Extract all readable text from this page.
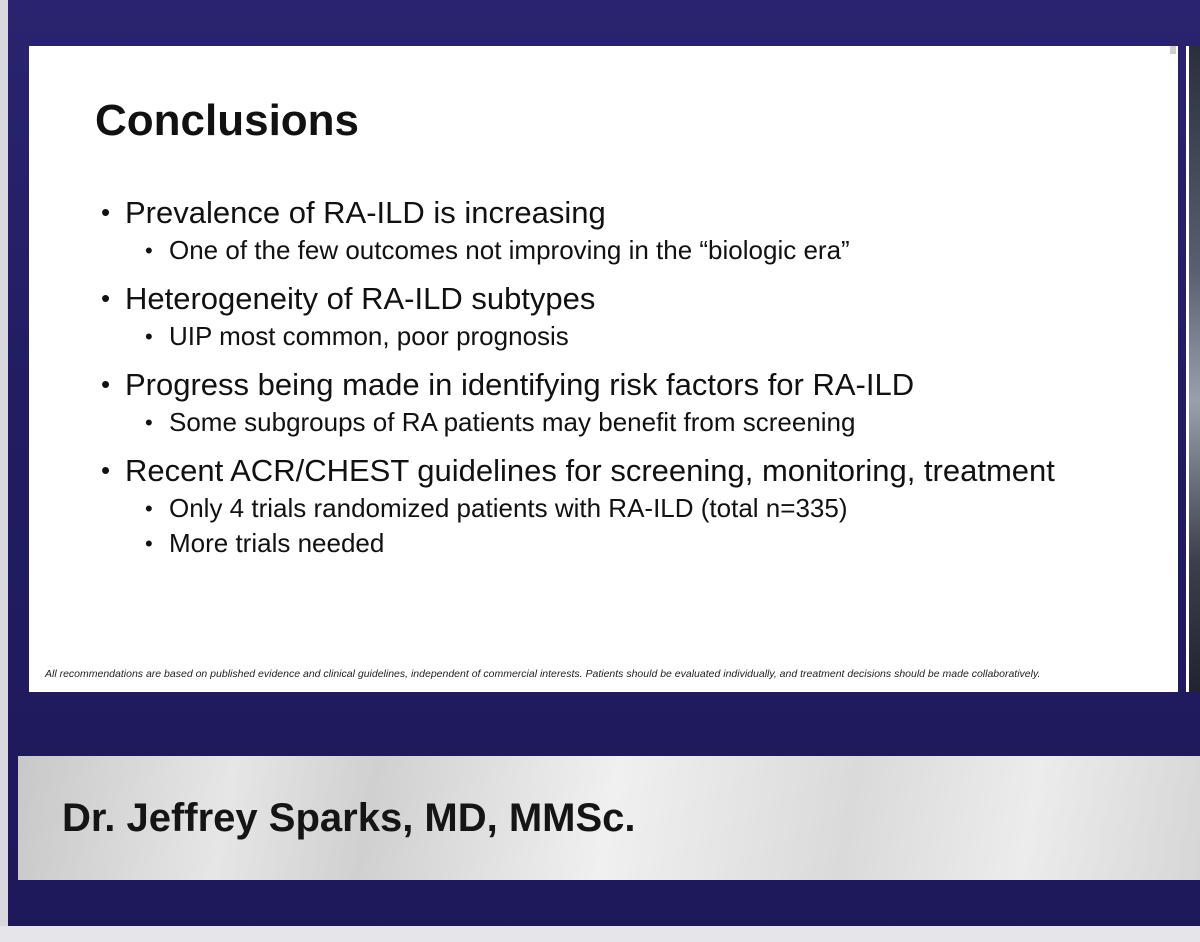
Conclusions
• Prevalence of RA-ILD is increasing
• One of the few outcomes not improving in the “biologic era”
• Heterogeneity of RA-ILD subtypes
• UIP most common, poor prognosis
• Progress being made in identifying risk factors for RA-ILD
• Some subgroups of RA patients may benefit from screening
• Recent ACR/CHEST guidelines for screening, monitoring, treatment
• Only 4 trials randomized patients with RA-ILD (total n=335)
• More trials needed

All recommendations are based on published evidence and clinical guidelines, independent of commercial interests. Patients should be evaluated individually, and treatment decisions should be made collaboratively.

Dr. Jeffrey Sparks, MD, MMSc.
